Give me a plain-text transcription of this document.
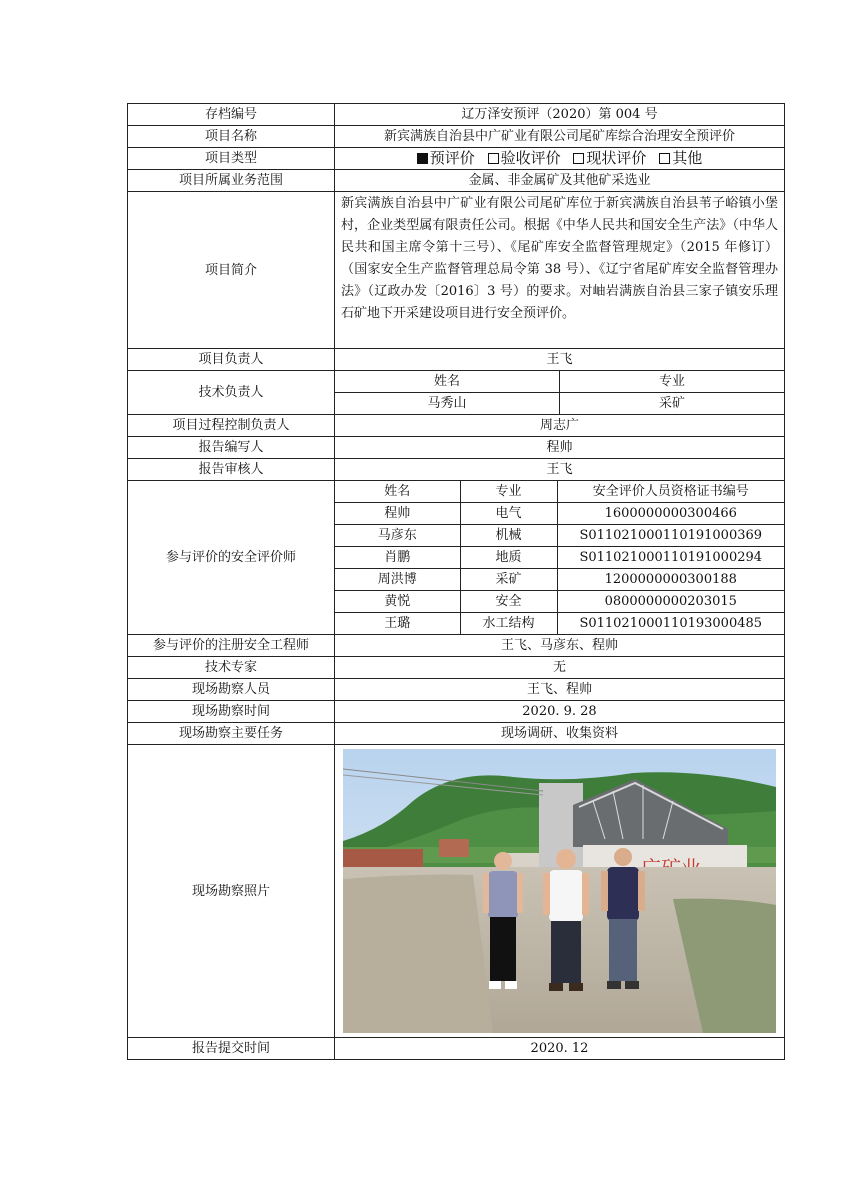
存档编号	辽万泽安预评（2020）第 004 号
项目名称	新宾满族自治县中广矿业有限公司尾矿库综合治理安全预评价
项目类型	预评价 验收评价 现状评价 其他
项目所属业务范围	金属、非金属矿及其他矿采选业
项目简介	新宾满族自治县中广矿业有限公司尾矿库位于新宾满族自治县苇子峪镇小堡村，企业类型属有限责任公司。根据《中华人民共和国安全生产法》（中华人民共和国主席令第十三号）、《尾矿库安全监督管理规定》（2015 年修订）（国家安全生产监督管理总局令第 38 号）、《辽宁省尾矿库安全监督管理办法》（辽政办发〔2016〕3 号）的要求。对岫岩满族自治县三家子镇安乐理石矿地下开采建设项目进行安全预评价。
项目负责人	王飞
技术负责人	
姓名	专业
马秀山	采矿

项目过程控制负责人	周志广
报告编写人	程帅
报告审核人	王飞
参与评价的安全评价师	
姓名	专业	安全评价人员资格证书编号
程帅	电气	1600000000300466
马彦东	机械	S011021000110191000369
肖鹏	地质	S011021000110191000294
周洪博	采矿	1200000000300188
黄悦	安全	0800000000203015
王璐	水工结构	S011021000110193000485

参与评价的注册安全工程师	王飞、马彦东、程帅
技术专家	无
现场勘察人员	王飞、程帅
现场勘察时间	2020. 9. 28
现场勘察主要任务	现场调研、收集资料
现场勘察照片	

报告提交时间	2020. 12
